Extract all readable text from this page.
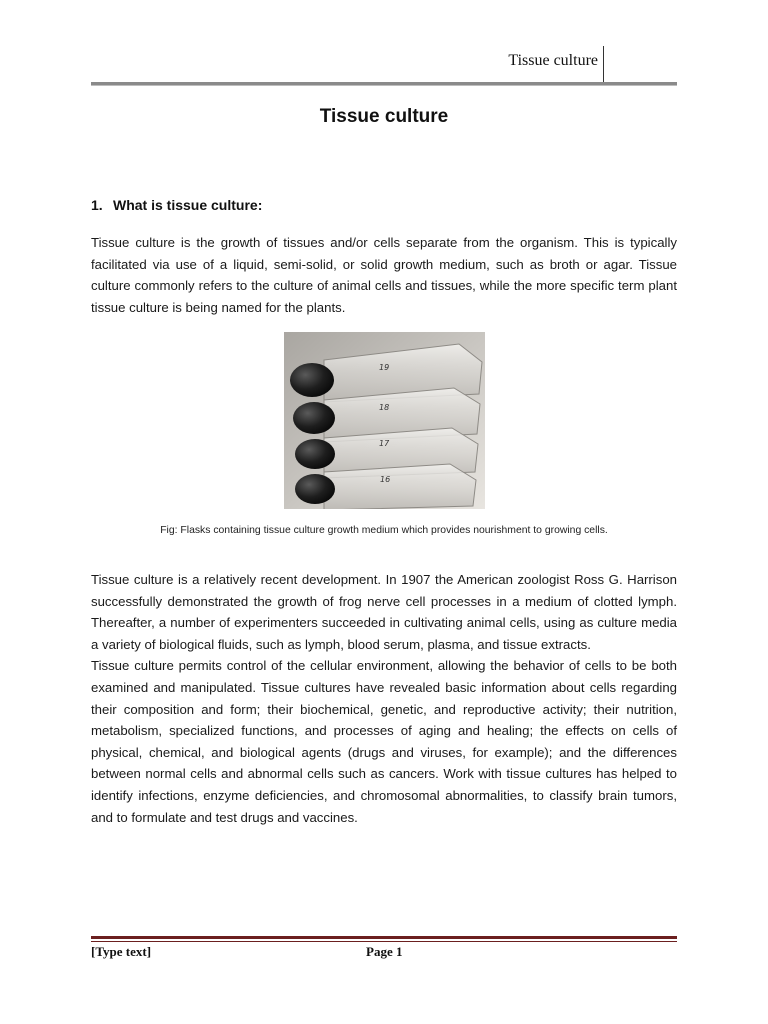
Tissue culture
Tissue culture
1. What is tissue culture:
Tissue culture is the growth of tissues and/or cells separate from the organism. This is typically facilitated via use of a liquid, semi-solid, or solid growth medium, such as broth or agar. Tissue culture commonly refers to the culture of animal cells and tissues, while the more specific term plant tissue culture is being named for the plants.
19
18
17
16
Fig: Flasks containing tissue culture growth medium which provides nourishment to growing cells.
Tissue culture is a relatively recent development. In 1907 the American zoologist Ross G. Harrison successfully demonstrated the growth of frog nerve cell processes in a medium of clotted lymph. Thereafter, a number of experimenters succeeded in cultivating animal cells, using as culture media a variety of biological fluids, such as lymph, blood serum, plasma, and tissue extracts.
Tissue culture permits control of the cellular environment, allowing the behavior of cells to be both examined and manipulated. Tissue cultures have revealed basic information about cells regarding their composition and form; their biochemical, genetic, and reproductive activity; their nutrition, metabolism, specialized functions, and processes of aging and healing; the effects on cells of physical, chemical, and biological agents (drugs and viruses, for example); and the differences between normal cells and abnormal cells such as cancers. Work with tissue cultures has helped to identify infections, enzyme deficiencies, and chromosomal abnormalities, to classify brain tumors, and to formulate and test drugs and vaccines.
[Type text]	Page 1
